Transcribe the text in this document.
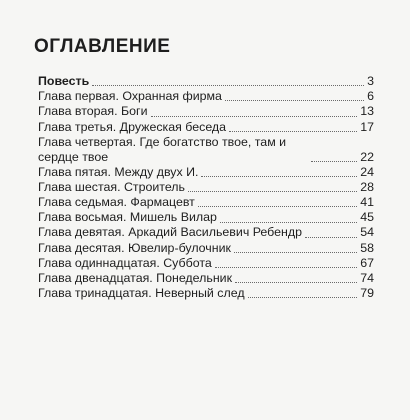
ОГЛАВЛЕНИЕ
Повесть	3
Глава первая. Охранная фирма	6
Глава вторая. Боги	13
Глава третья. Дружеская беседа	17
Глава четвертая. Где богатство твое, там и сердце твое	22
Глава пятая. Между двух И.	24
Глава шестая. Строитель	28
Глава седьмая. Фармацевт	41
Глава восьмая. Мишель Вилар	45
Глава девятая. Аркадий Васильевич Ребендр	54
Глава десятая. Ювелир-булочник	58
Глава одиннадцатая. Суббота	67
Глава двенадцатая. Понедельник	74
Глава тринадцатая. Неверный след	79
